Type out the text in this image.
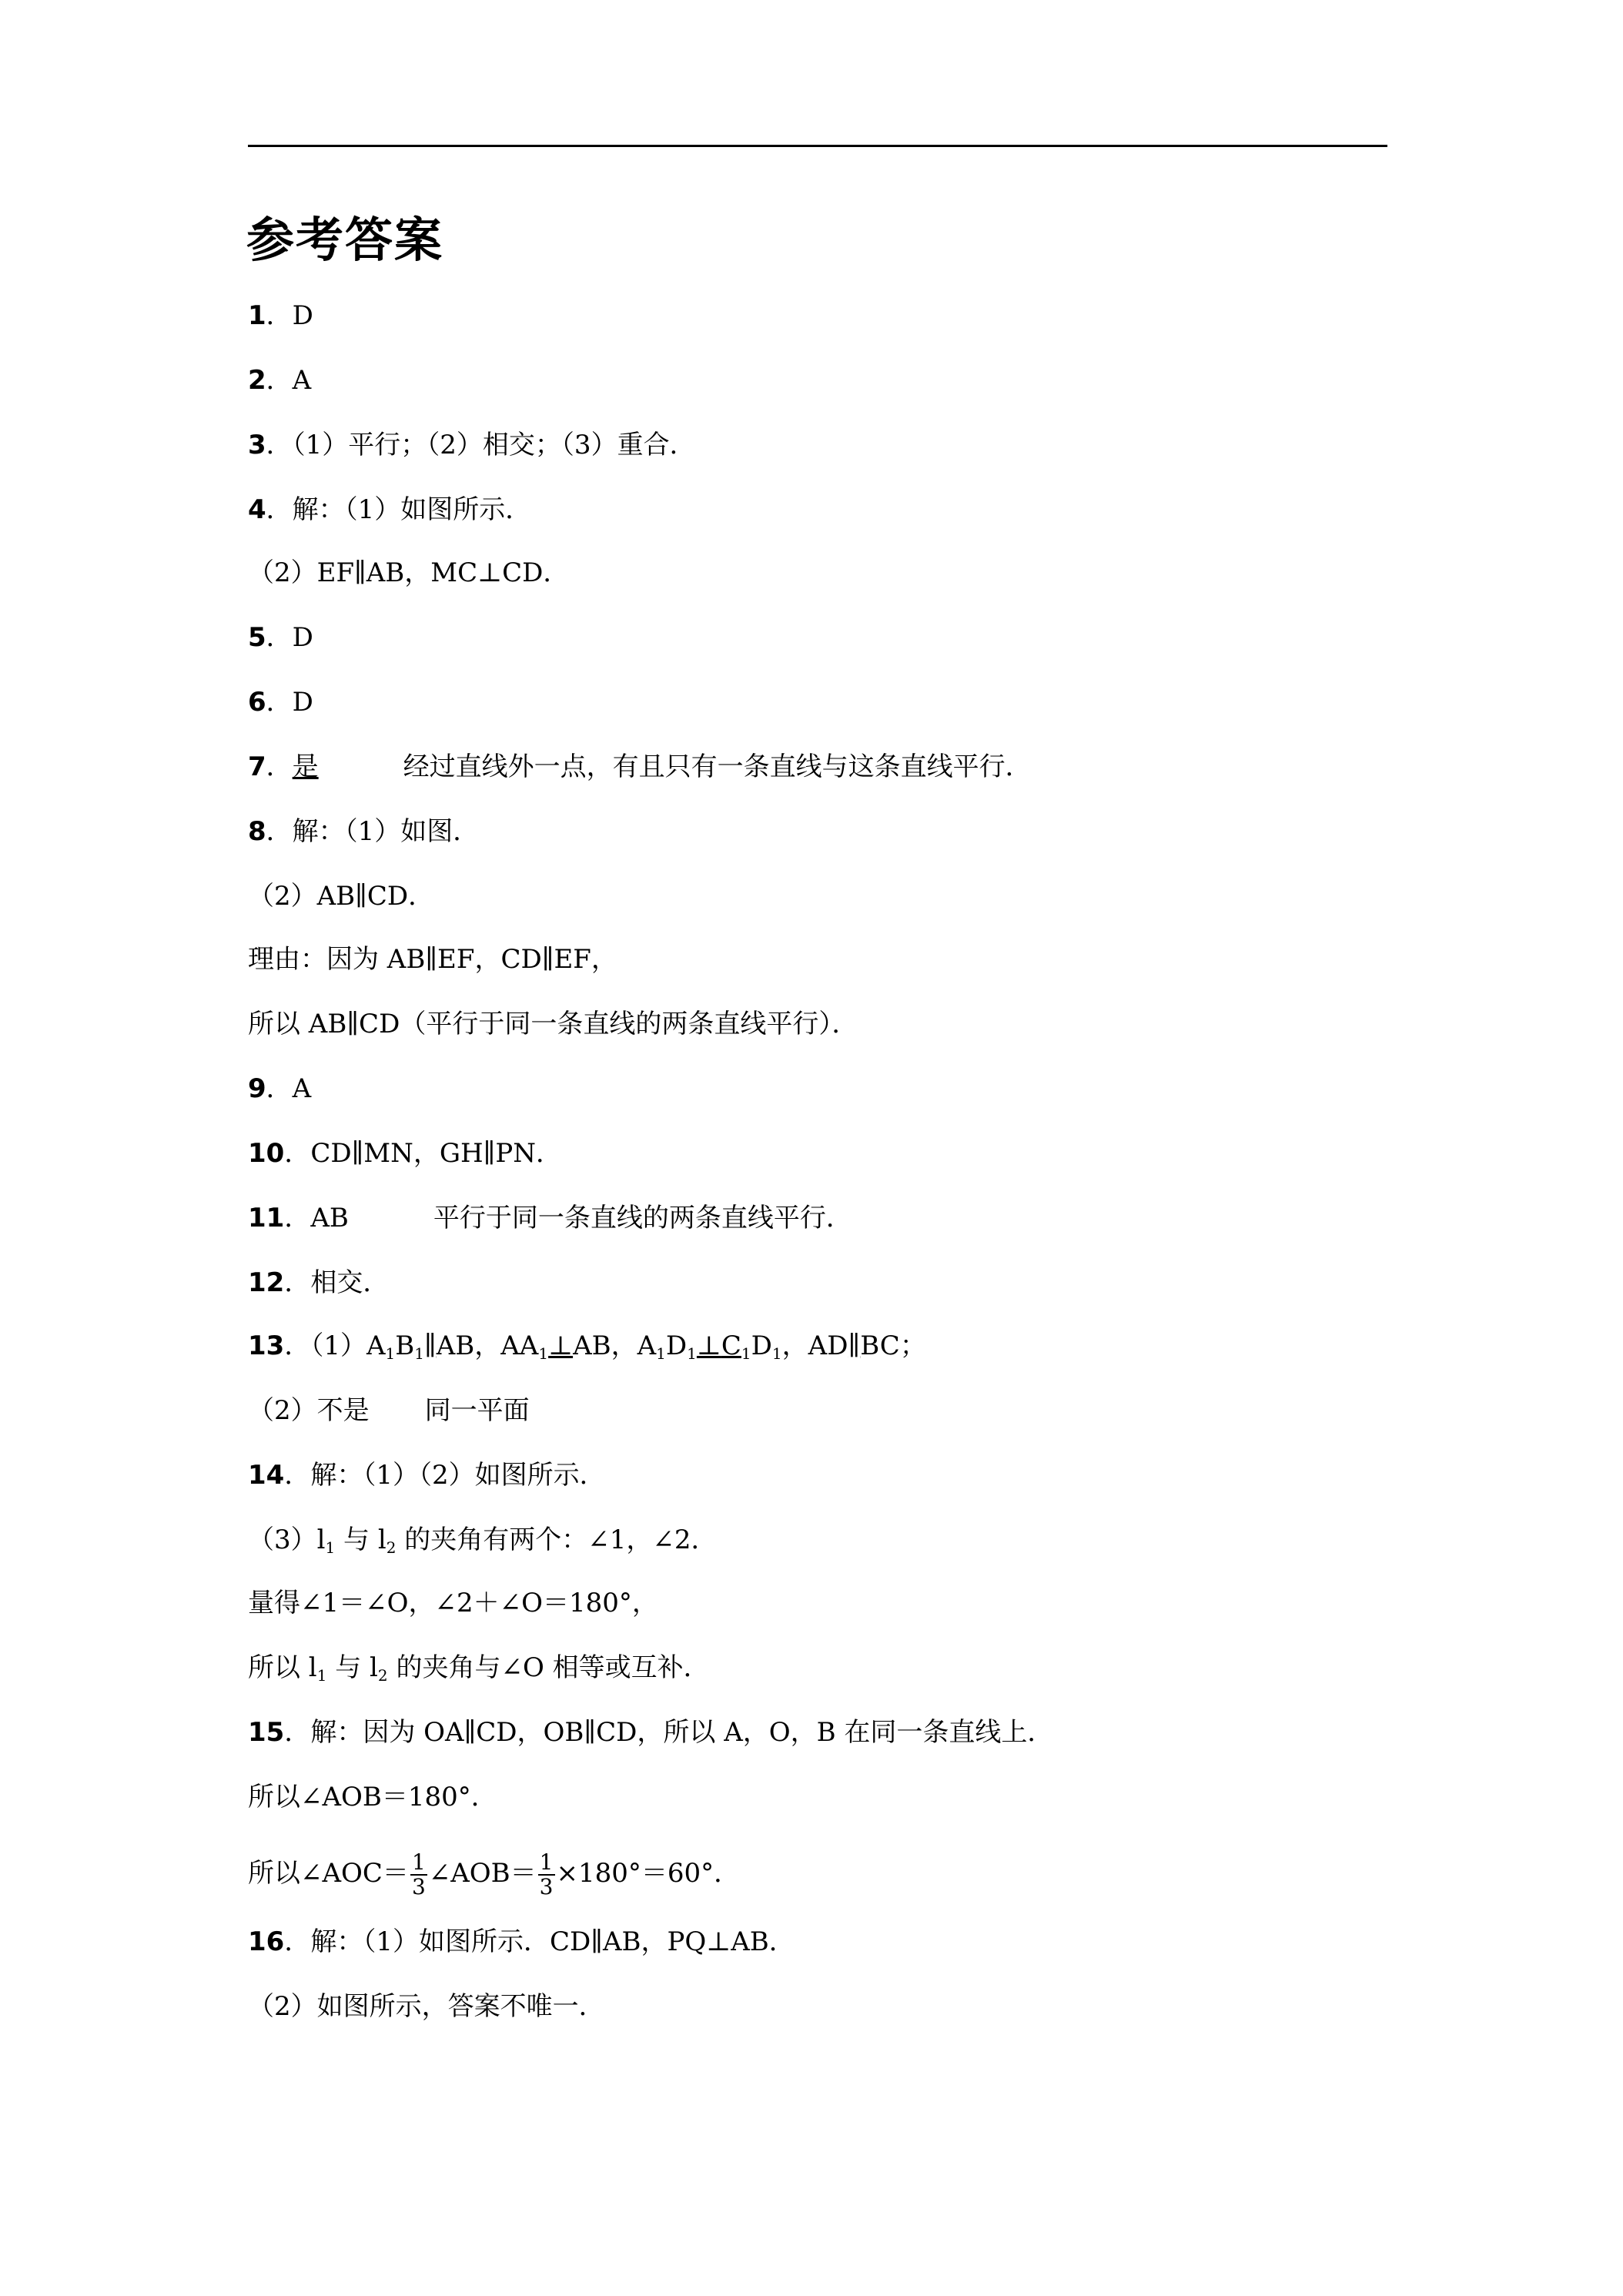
参考答案
1．D
2．A
3．（1）平行；（2）相交；（3）重合．
4．解：（1）如图所示．
（2）EF∥AB，MC⊥CD．
5．D
6．D
7．是	经过直线外一点，有且只有一条直线与这条直线平行．
8．解：（1）如图．
（2）AB∥CD．
理由：因为 AB∥EF，CD∥EF，
所以 AB∥CD（平行于同一条直线的两条直线平行）．
9．A
10．CD∥MN，GH∥PN．
11．AB	平行于同一条直线的两条直线平行．
12．相交．
13．$(1)A_1B_1\parallel AB$，$AA_1\perp AB$，$A_1D_1\perp C_1D_1$，AD∥BC；
（2）不是 同一平面
14．解：（1）（2）如图所示．
$(3)l_1$ 与 $l_2$ 的夹角有两个：∠1，∠2．
量得∠1＝∠O，∠2＋∠O＝180°，
所以 $l_1$ 与 $l_2$ 的夹角与∠O 相等或互补．
15．解：因为 OA∥CD，OB∥CD，所以 A，O，B 在同一条直线上．
所以∠AOB＝180°．
所以∠AOC＝ $\frac{1}{3}$ ∠AOB＝ $\frac{1}{3} \times 180^\circ=60^\circ$．
16．解：（1）如图所示．CD∥AB，PQ⊥AB．
（2）如图所示，答案不唯一．
